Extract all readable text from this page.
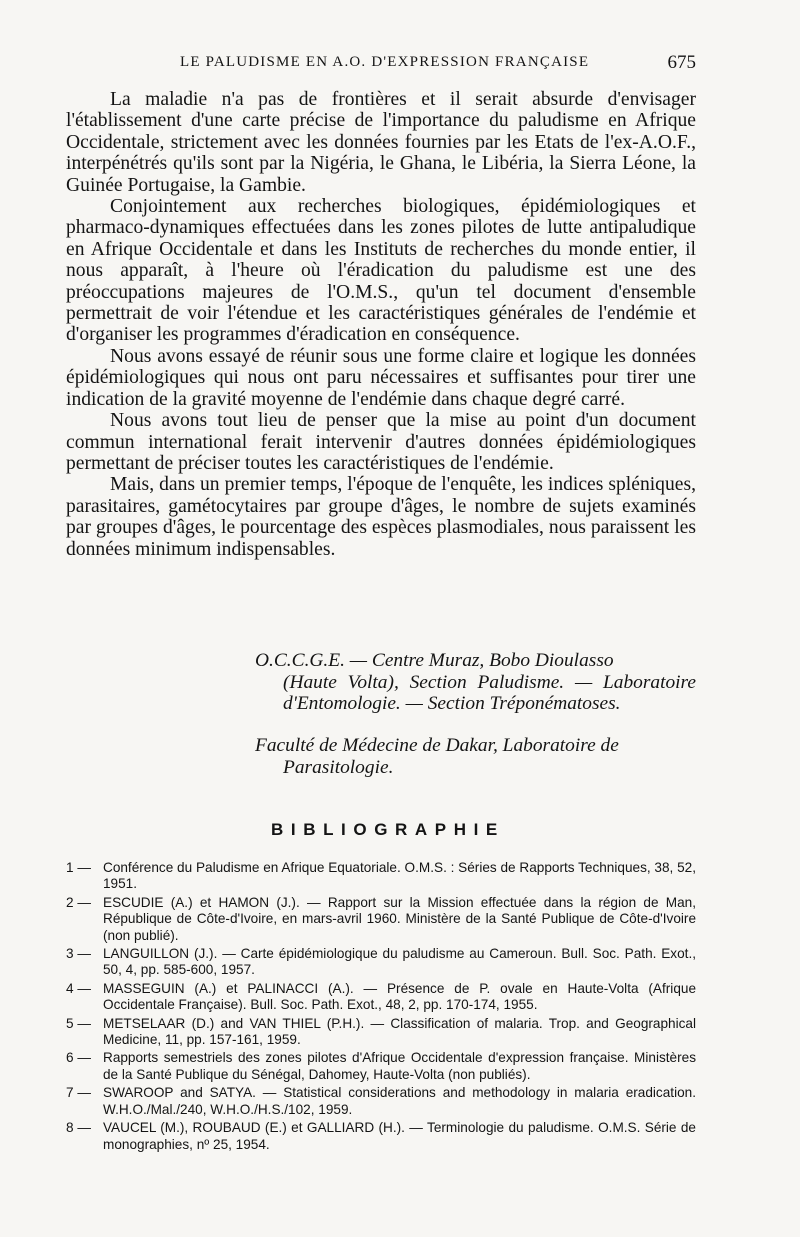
LE PALUDISME EN A.O. D'EXPRESSION FRANÇAISE	675

La maladie n'a pas de frontières et il serait absurde d'envisager l'établissement d'une carte précise de l'importance du paludisme en Afrique Occidentale, strictement avec les données fournies par les Etats de l'ex-A.O.F., interpénétrés qu'ils sont par la Nigéria, le Ghana, le Libéria, la Sierra Léone, la Guinée Portugaise, la Gambie.

Conjointement aux recherches biologiques, épidémiologiques et pharmaco-dynamiques effectuées dans les zones pilotes de lutte antipaludique en Afrique Occidentale et dans les Instituts de recherches du monde entier, il nous apparaît, à l'heure où l'éradication du paludisme est une des préoccupations majeures de l'O.M.S., qu'un tel document d'ensemble permettrait de voir l'étendue et les caractéristiques générales de l'endémie et d'organiser les programmes d'éradication en conséquence.

Nous avons essayé de réunir sous une forme claire et logique les données épidémiologiques qui nous ont paru nécessaires et suffisantes pour tirer une indication de la gravité moyenne de l'endémie dans chaque degré carré.

Nous avons tout lieu de penser que la mise au point d'un document commun international ferait intervenir d'autres données épidémiologiques permettant de préciser toutes les caractéristiques de l'endémie.

Mais, dans un premier temps, l'époque de l'enquête, les indices spléniques, parasitaires, gamétocytaires par groupe d'âges, le nombre de sujets examinés par groupes d'âges, le pourcentage des espèces plasmodiales, nous paraissent les données minimum indispensables.

O.C.C.G.E. — Centre Muraz, Bobo Dioulasso
(Haute Volta), Section Paludisme. — Laboratoire d'Entomologie. — Section Tréponématoses.
Faculté de Médecine de Dakar, Laboratoire de
Parasitologie.
BIBLIOGRAPHIE
1 — Conférence du Paludisme en Afrique Equatoriale. O.M.S. : Séries de Rapports Techniques, 38, 52, 1951.
2 — ESCUDIE (A.) et HAMON (J.). — Rapport sur la Mission effectuée dans la région de Man, République de Côte-d'Ivoire, en mars-avril 1960. Ministère de la Santé Publique de Côte-d'Ivoire (non publié).
3 — LANGUILLON (J.). — Carte épidémiologique du paludisme au Cameroun. Bull. Soc. Path. Exot., 50, 4, pp. 585-600, 1957.
4 — MASSEGUIN (A.) et PALINACCI (A.). — Présence de P. ovale en Haute-Volta (Afrique Occidentale Française). Bull. Soc. Path. Exot., 48, 2, pp. 170-174, 1955.
5 — METSELAAR (D.) and VAN THIEL (P.H.). — Classification of malaria. Trop. and Geographical Medicine, 11, pp. 157-161, 1959.
6 — Rapports semestriels des zones pilotes d'Afrique Occidentale d'expression française. Ministères de la Santé Publique du Sénégal, Dahomey, Haute-Volta (non publiés).
7 — SWAROOP and SATYA. — Statistical considerations and methodology in malaria eradication. W.H.O./Mal./240, W.H.O./H.S./102, 1959.
8 — VAUCEL (M.), ROUBAUD (E.) et GALLIARD (H.). — Terminologie du paludisme. O.M.S. Série de monographies, nº 25, 1954.
